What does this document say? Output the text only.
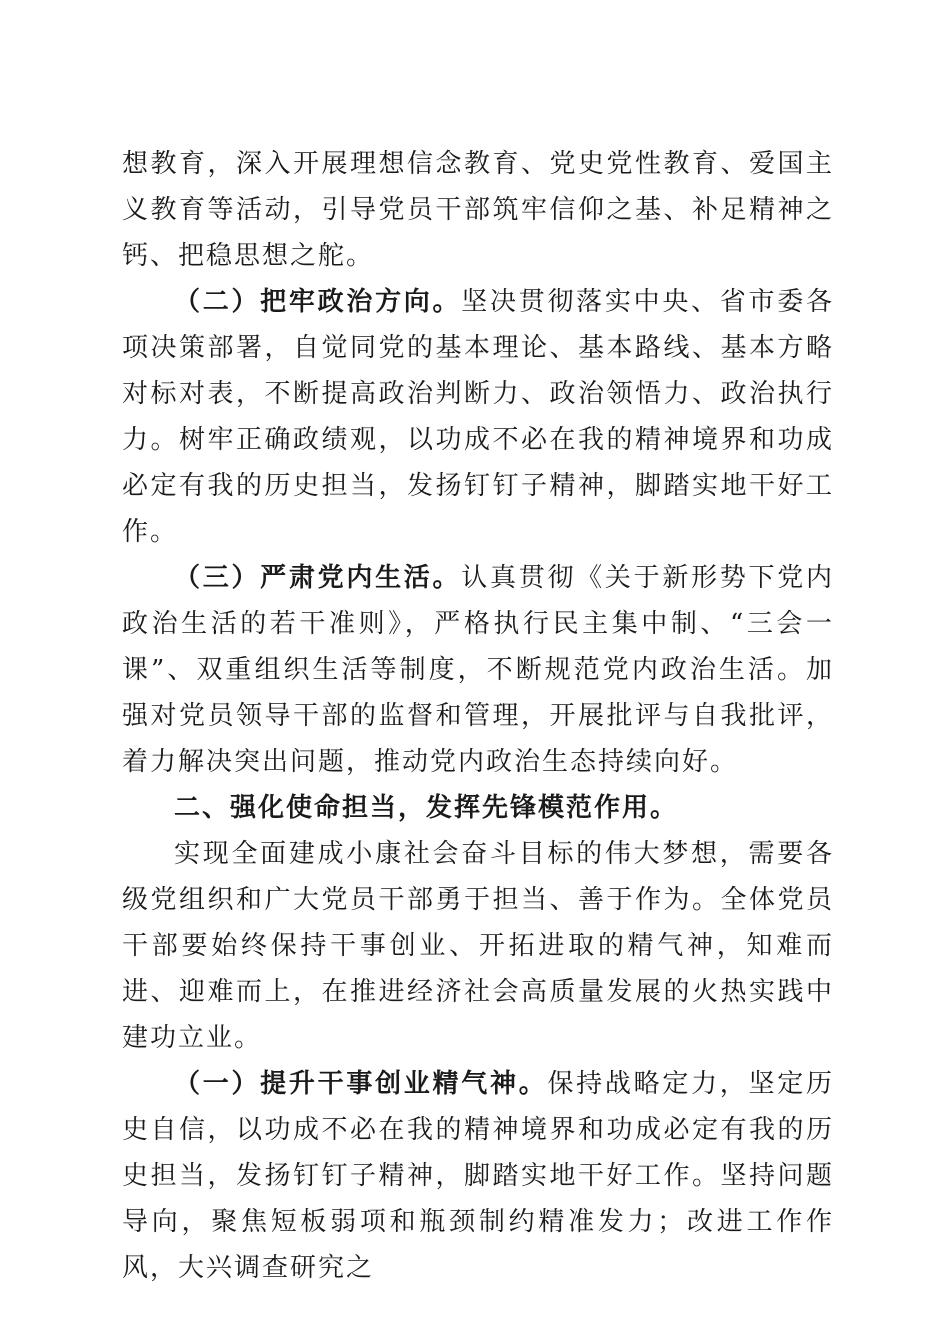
想教育，深入开展理想信念教育、党史党性教育、爱国主义教育等活动，引导党员干部筑牢信仰之基、补足精神之钙、把稳思想之舵。

（二）把牢政治方向。坚决贯彻落实中央、省市委各项决策部署，自觉同党的基本理论、基本路线、基本方略对标对表，不断提高政治判断力、政治领悟力、政治执行力。树牢正确政绩观，以功成不必在我的精神境界和功成必定有我的历史担当，发扬钉钉子精神，脚踏实地干好工作。

（三）严肃党内生活。认真贯彻《关于新形势下党内政治生活的若干准则》，严格执行民主集中制、“三会一课”、双重组织生活等制度，不断规范党内政治生活。加强对党员领导干部的监督和管理，开展批评与自我批评，着力解决突出问题，推动党内政治生态持续向好。

二、强化使命担当，发挥先锋模范作用。

实现全面建成小康社会奋斗目标的伟大梦想，需要各级党组织和广大党员干部勇于担当、善于作为。全体党员干部要始终保持干事创业、开拓进取的精气神，知难而进、迎难而上，在推进经济社会高质量发展的火热实践中建功立业。

（一）提升干事创业精气神。保持战略定力，坚定历史自信，以功成不必在我的精神境界和功成必定有我的历史担当，发扬钉钉子精神，脚踏实地干好工作。坚持问题导向，聚焦短板弱项和瓶颈制约精准发力；改进工作作风，大兴调查研究之
